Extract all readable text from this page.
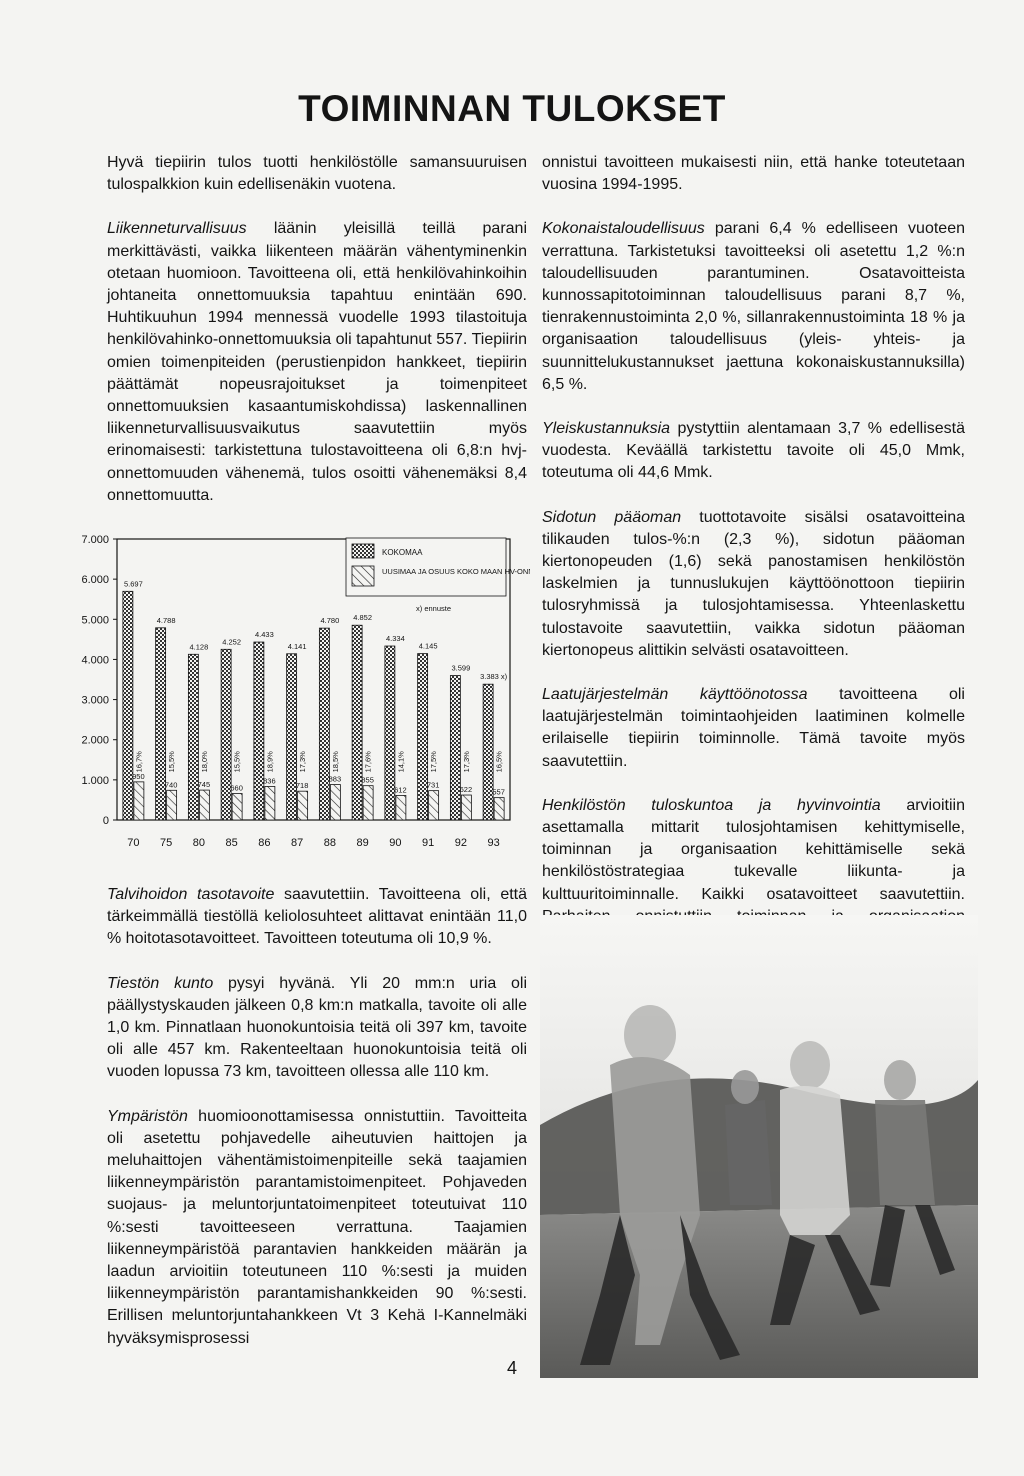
TOIMINNAN TULOKSET

Hyvä tiepiirin tulos tuotti henkilöstölle samansuuruisen tulospalkkion kuin edellisenäkin vuotena.

Liikenneturvallisuus läänin yleisillä teillä parani merkittävästi, vaikka liikenteen määrän vähentyminenkin otetaan huomioon. Tavoitteena oli, että henkilövahinkoihin johtaneita onnettomuuksia tapahtuu enintään 690. Huhtikuuhun 1994 mennessä vuodelle 1993 tilastoituja henkilövahinko-onnettomuuksia oli tapahtunut 557. Tiepiirin omien toimenpiteiden (perustienpidon hankkeet, tiepiirin päättämät nopeusrajoitukset ja toimenpiteet onnettomuuksien kasaantumiskohdissa) laskennallinen liikenneturvallisuusvaikutus saavutettiin myös erinomaisesti: tarkistettuna tulostavoitteena oli 6,8:n hvj-onnettomuuden vähenemä, tulos osoitti vähenemäksi 8,4 onnettomuutta.

0
1.000
2.000
3.000
4.000
5.000
6.000
7.000
5.697
950
16,7%
70
4.788
740
15,5%
75
4.128
745
18,0%
80
4.252
660
15,5%
85
4.433
836
18,9%
86
4.141
718
17,3%
87
4.780
883
18,5%
88
4.852
855
17,6%
89
4.334
612
14,1%
90
4.145
731
17,5%
91
3.599
622
17,3%
92
3.383 x)
557
16,5%
93
KOKOMAA
UUSIMAA JA OSUUS KOKO MAAN HV-ONN.
x) ennuste

Talvihoidon tasotavoite saavutettiin. Tavoitteena oli, että tärkeimmällä tiestöllä keliolosuhteet alittavat enintään 11,0 % hoitotasotavoitteet. Tavoitteen toteutuma oli 10,9 %.

Tiestön kunto pysyi hyvänä. Yli 20 mm:n uria oli päällystyskauden jälkeen 0,8 km:n matkalla, tavoite oli alle 1,0 km. Pinnatlaan huonokuntoisia teitä oli 397 km, tavoite oli alle 457 km. Rakenteeltaan huonokuntoisia teitä oli vuoden lopussa 73 km, tavoitteen ollessa alle 110 km.

Ympäristön huomioonottamisessa onnistuttiin. Tavoitteita oli asetettu pohjavedelle aiheutuvien haittojen ja meluhaittojen vähentämistoimenpiteille sekä taajamien liikenneympäristön parantamistoimenpiteet. Pohjaveden suojaus- ja meluntorjuntatoimenpiteet toteutuivat 110 %:sesti tavoitteeseen verrattuna. Taajamien liikenneympäristöä parantavien hankkeiden määrän ja laadun arvioitiin toteutuneen 110 %:sesti ja muiden liikenneympäristön parantamishankkeiden 90 %:sesti. Erillisen meluntorjuntahankkeen Vt 3 Kehä I-Kannelmäki hyväksymisprosessi

onnistui tavoitteen mukaisesti niin, että hanke toteutetaan vuosina 1994-1995.

Kokonaistaloudellisuus parani 6,4 % edelliseen vuoteen verrattuna. Tarkistetuksi tavoitteeksi oli asetettu 1,2 %:n taloudellisuuden parantuminen. Osatavoitteista kunnossapitotoiminnan taloudellisuus parani 8,7 %, tienrakennustoiminta 2,0 %, sillanrakennustoiminta 18 % ja organisaation taloudellisuus (yleis- yhteis- ja suunnittelukustannukset jaettuna kokonaiskustannuksilla) 6,5 %.

Yleiskustannuksia pystyttiin alentamaan 3,7 % edellisestä vuodesta. Keväällä tarkistettu tavoite oli 45,0 Mmk, toteutuma oli 44,6 Mmk.

Sidotun pääoman tuottotavoite sisälsi osatavoitteina tilikauden tulos-%:n (2,3 %), sidotun pääoman kiertonopeuden (1,6) sekä panostamisen henkilöstön laskelmien ja tunnuslukujen käyttöönottoon tiepiirin tulosryhmissä ja tulosjohtamisessa. Yhteenlaskettu tulostavoite saavutettiin, vaikka sidotun pääoman kiertonopeus alittikin selvästi osatavoitteen.

Laatujärjestelmän käyttöönotossa tavoitteena oli laatujärjestelmän toimintaohjeiden laatiminen kolmelle erilaiselle tiepiirin toiminnolle. Tämä tavoite myös saavutettiin.

Henkilöstön tuloskuntoa ja hyvinvointia arvioitiin asettamalla mittarit tulosjohtamisen kehittymiselle, toiminnan ja organisaation kehittämiselle sekä henkilöstöstrategiaa tukevalle liikunta- ja kulttuuritoiminnalle. Kaikki osatavoitteet saavutettiin.

4
